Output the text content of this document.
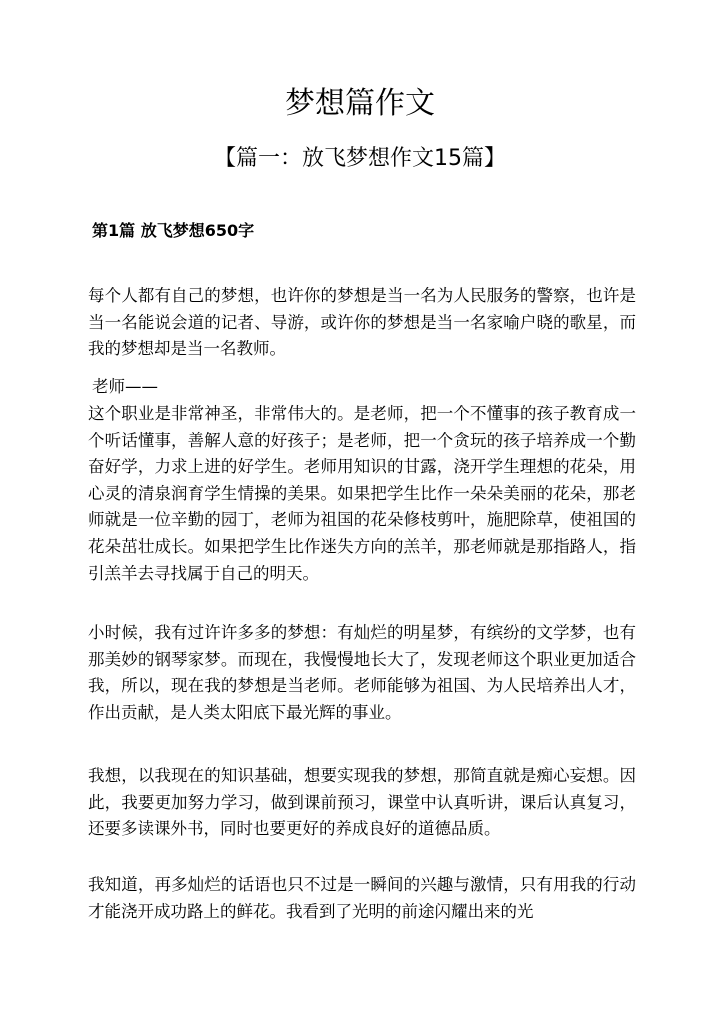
梦想篇作文
【篇一：放飞梦想作文15篇】
第1篇 放飞梦想650字

每个人都有自己的梦想，也许你的梦想是当一名为人民服务的警察，也许是当一名能说会道的记者、导游，或许你的梦想是当一名家喻户晓的歌星，而我的梦想却是当一名教师。

老师——

这个职业是非常神圣，非常伟大的。是老师，把一个不懂事的孩子教育成一个听话懂事，善解人意的好孩子；是老师，把一个贪玩的孩子培养成一个勤奋好学，力求上进的好学生。老师用知识的甘露，浇开学生理想的花朵，用心灵的清泉润育学生情操的美果。如果把学生比作一朵朵美丽的花朵，那老师就是一位辛勤的园丁，老师为祖国的花朵修枝剪叶，施肥除草，使祖国的花朵茁壮成长。如果把学生比作迷失方向的羔羊，那老师就是那指路人，指引羔羊去寻找属于自己的明天。

小时候，我有过许许多多的梦想：有灿烂的明星梦，有缤纷的文学梦，也有那美妙的钢琴家梦。而现在，我慢慢地长大了，发现老师这个职业更加适合我，所以，现在我的梦想是当老师。老师能够为祖国、为人民培养出人才，作出贡献，是人类太阳底下最光辉的事业。

我想，以我现在的知识基础，想要实现我的梦想，那简直就是痴心妄想。因此，我要更加努力学习，做到课前预习，课堂中认真听讲，课后认真复习，还要多读课外书，同时也要更好的养成良好的道德品质。

我知道，再多灿烂的话语也只不过是一瞬间的兴趣与激情，只有用我的行动才能浇开成功路上的鲜花。我看到了光明的前途闪耀出来的光
